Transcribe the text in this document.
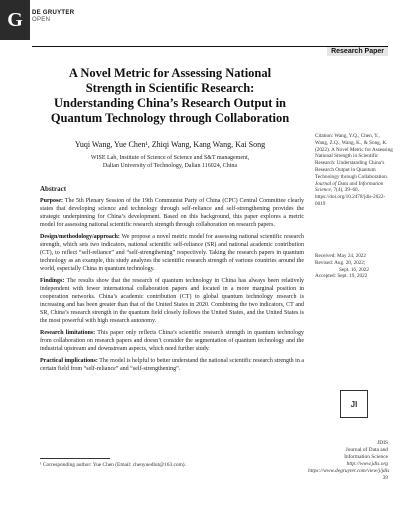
G DE GRUYTER
OPEN
Research Paper
A Novel Metric for Assessing National
Strength in Scientific Research:
Understanding China’s Research Output in
Quantum Technology through Collaboration
Yuqi Wang, Yue Chen¹, Zhiqi Wang, Kang Wang, Kai Song
WISE Lab, Institute of Science of Science and S&T management,
Dalian University of Technology, Dalian 116024, China
Citation: Wang, Y.Q., Chen, Y., Wang, Z.Q., Wang, K., & Song, K. (2022). A Novel Metric for Assessing National Strength in Scientific Research: Understanding China’s Research Output in Quantum Technology through Collaboration. Journal of Data and Information Science, 7(4), 39–60. https://doi.org/10.2478/jdis-2022-0019
Received: May 24, 2022
Revised: Aug. 20, 2022;
Sept. 16, 2022
Accepted: Sept. 19, 2022
Abstract
Purpose: The 5th Plenary Session of the 19th Communist Party of China (CPC) Central Committee clearly states that developing science and technology through self-reliance and self-strengthening provides the strategic underpinning for China’s development. Based on this background, this paper explores a metric model for assessing national scientific research strength through collaboration on research papers.
Design/methodology/approach: We propose a novel metric model for assessing national scientific research strength, which sets two indicators, national scientific self-reliance (SR) and national academic contribution (CT), to reflect “self-reliance” and “self-strengthening” respectively. Taking the research papers in quantum technology as an example, this study analyzes the scientific research strength of various countries around the world, especially China in quantum technology.
Findings: The results show that the research of quantum technology in China has always been relatively independent with fewer international collaboration papers and located in a more marginal position in cooperation networks. China’s academic contribution (CT) to global quantum technology research is increasing and has been greater than that of the United States in 2020. Combining the two indicators, CT and SR, China’s research strength in the quantum field closely follows the United States, and the United States is the most powerful with high research autonomy.
Research limitations: This paper only reflects China’s scientific research strength in quantum technology from collaboration on research papers and doesn’t consider the segmentation of quantum technology and the industrial upstream and downstream aspects, which need further study.
Practical implications: The model is helpful to better understand the national scientific research strength in a certain field from “self-reliance” and “self-strengthening”.
JI
JDIS
Journal of Data and
Information Science
http://www.jdis.org
https://www.degruyter.com/view/j/jdis
39
¹ Corresponding author: Yue Chen (Email: chenyuedlut@163.com).
